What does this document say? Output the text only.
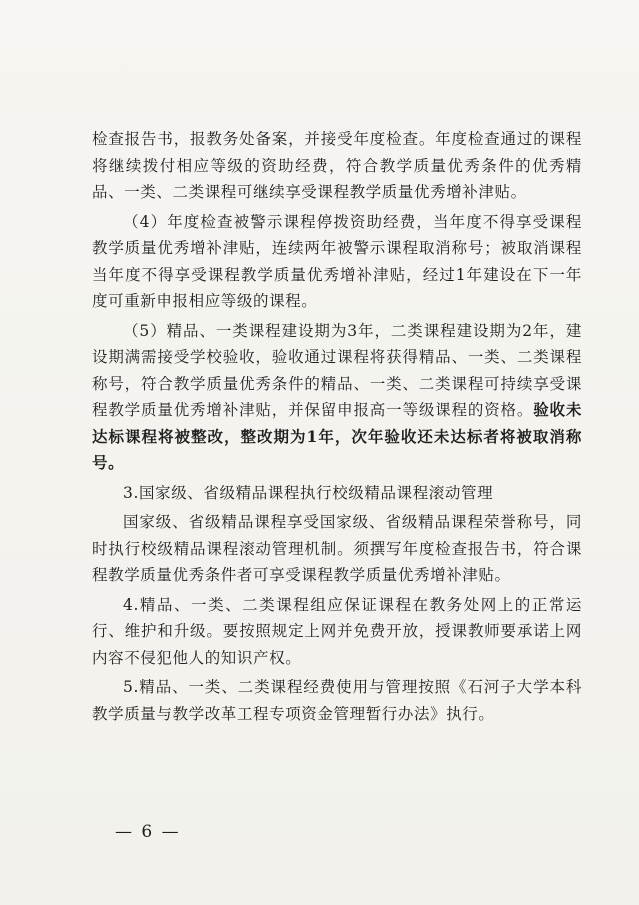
检查报告书，报教务处备案，并接受年度检查。年度检查通过的课程将继续拨付相应等级的资助经费，符合教学质量优秀条件的优秀精品、一类、二类课程可继续享受课程教学质量优秀增补津贴。

（4）年度检查被警示课程停拨资助经费，当年度不得享受课程教学质量优秀增补津贴，连续两年被警示课程取消称号；被取消课程当年度不得享受课程教学质量优秀增补津贴，经过1年建设在下一年度可重新申报相应等级的课程。

（5）精品、一类课程建设期为3年，二类课程建设期为2年，建设期满需接受学校验收，验收通过课程将获得精品、一类、二类课程称号，符合教学质量优秀条件的精品、一类、二类课程可持续享受课程教学质量优秀增补津贴，并保留申报高一等级课程的资格。验收未达标课程将被整改，整改期为1年，次年验收还未达标者将被取消称号。

3.国家级、省级精品课程执行校级精品课程滚动管理

国家级、省级精品课程享受国家级、省级精品课程荣誉称号，同时执行校级精品课程滚动管理机制。须撰写年度检查报告书，符合课程教学质量优秀条件者可享受课程教学质量优秀增补津贴。

4.精品、一类、二类课程组应保证课程在教务处网上的正常运行、维护和升级。要按照规定上网并免费开放，授课教师要承诺上网内容不侵犯他人的知识产权。

5.精品、一类、二类课程经费使用与管理按照《石河子大学本科教学质量与教学改革工程专项资金管理暂行办法》执行。

— 6 —
